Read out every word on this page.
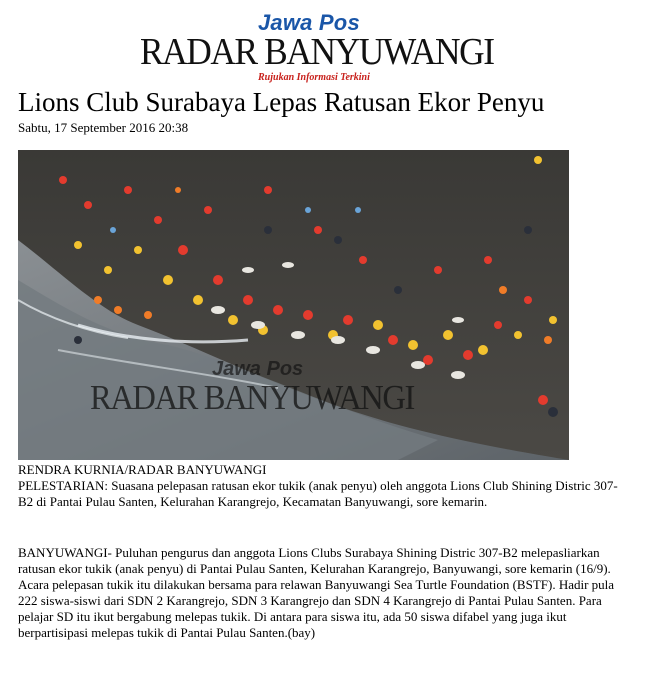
Jawa Pos
RADAR BANYUWANGI
Rujukan Informasi Terkini
Lions Club Surabaya Lepas Ratusan Ekor Penyu
Sabtu, 17 September 2016 20:38
Jawa Pos
RADAR BANYUWANGI

RENDRA KURNIA/RADAR BANYUWANGI

PELESTARIAN: Suasana pelepasan ratusan ekor tukik (anak penyu) oleh anggota Lions Club Shining Distric 307-B2 di Pantai Pulau Santen, Kelurahan Karangrejo, Kecamatan Banyuwangi, sore kemarin.

BANYUWANGI- Puluhan pengurus dan anggota Lions Clubs Surabaya Shining Distric 307-B2 melepasliarkan ratusan ekor tukik (anak penyu) di Pantai Pulau Santen, Kelurahan Karangrejo, Banyuwangi, sore kemarin (16/9).

Acara pelepasan tukik itu dilakukan bersama para relawan Banyuwangi Sea Turtle Foundation (BSTF). Hadir pula 222 siswa-siswi dari SDN 2 Karangrejo, SDN 3 Karangrejo dan SDN 4 Karangrejo di Pantai Pulau Santen. Para pelajar SD itu ikut bergabung melepas tukik. Di antara para siswa itu, ada 50 siswa difabel yang juga ikut berpartisipasi melepas tukik di Pantai Pulau Santen.(bay)
